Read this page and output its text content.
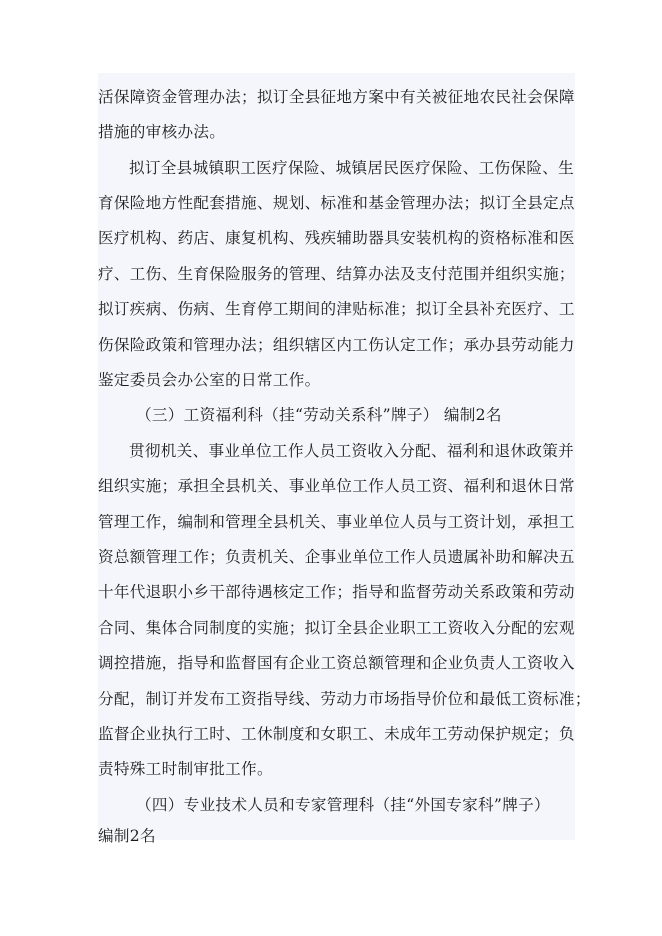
活保障资金管理办法；拟订全县征地方案中有关被征地农民社会保障
措施的审核办法。
拟订全县城镇职工医疗保险、城镇居民医疗保险、工伤保险、生
育保险地方性配套措施、规划、标准和基金管理办法；拟订全县定点
医疗机构、药店、康复机构、残疾辅助器具安装机构的资格标准和医
疗、工伤、生育保险服务的管理、结算办法及支付范围并组织实施；
拟订疾病、伤病、生育停工期间的津贴标准；拟订全县补充医疗、工
伤保险政策和管理办法；组织辖区内工伤认定工作；承办县劳动能力
鉴定委员会办公室的日常工作。
（三）工资福利科（挂“劳动关系科”牌子） 编制2名
贯彻机关、事业单位工作人员工资收入分配、福利和退休政策并
组织实施；承担全县机关、事业单位工作人员工资、福利和退休日常
管理工作，编制和管理全县机关、事业单位人员与工资计划，承担工
资总额管理工作；负责机关、企事业单位工作人员遗属补助和解决五
十年代退职小乡干部待遇核定工作；指导和监督劳动关系政策和劳动
合同、集体合同制度的实施；拟订全县企业职工工资收入分配的宏观
调控措施，指导和监督国有企业工资总额管理和企业负责人工资收入
分配，制订并发布工资指导线、劳动力市场指导价位和最低工资标准；
监督企业执行工时、工休制度和女职工、未成年工劳动保护规定；负
责特殊工时制审批工作。
（四）专业技术人员和专家管理科（挂“外国专家科”牌子）
编制2名
